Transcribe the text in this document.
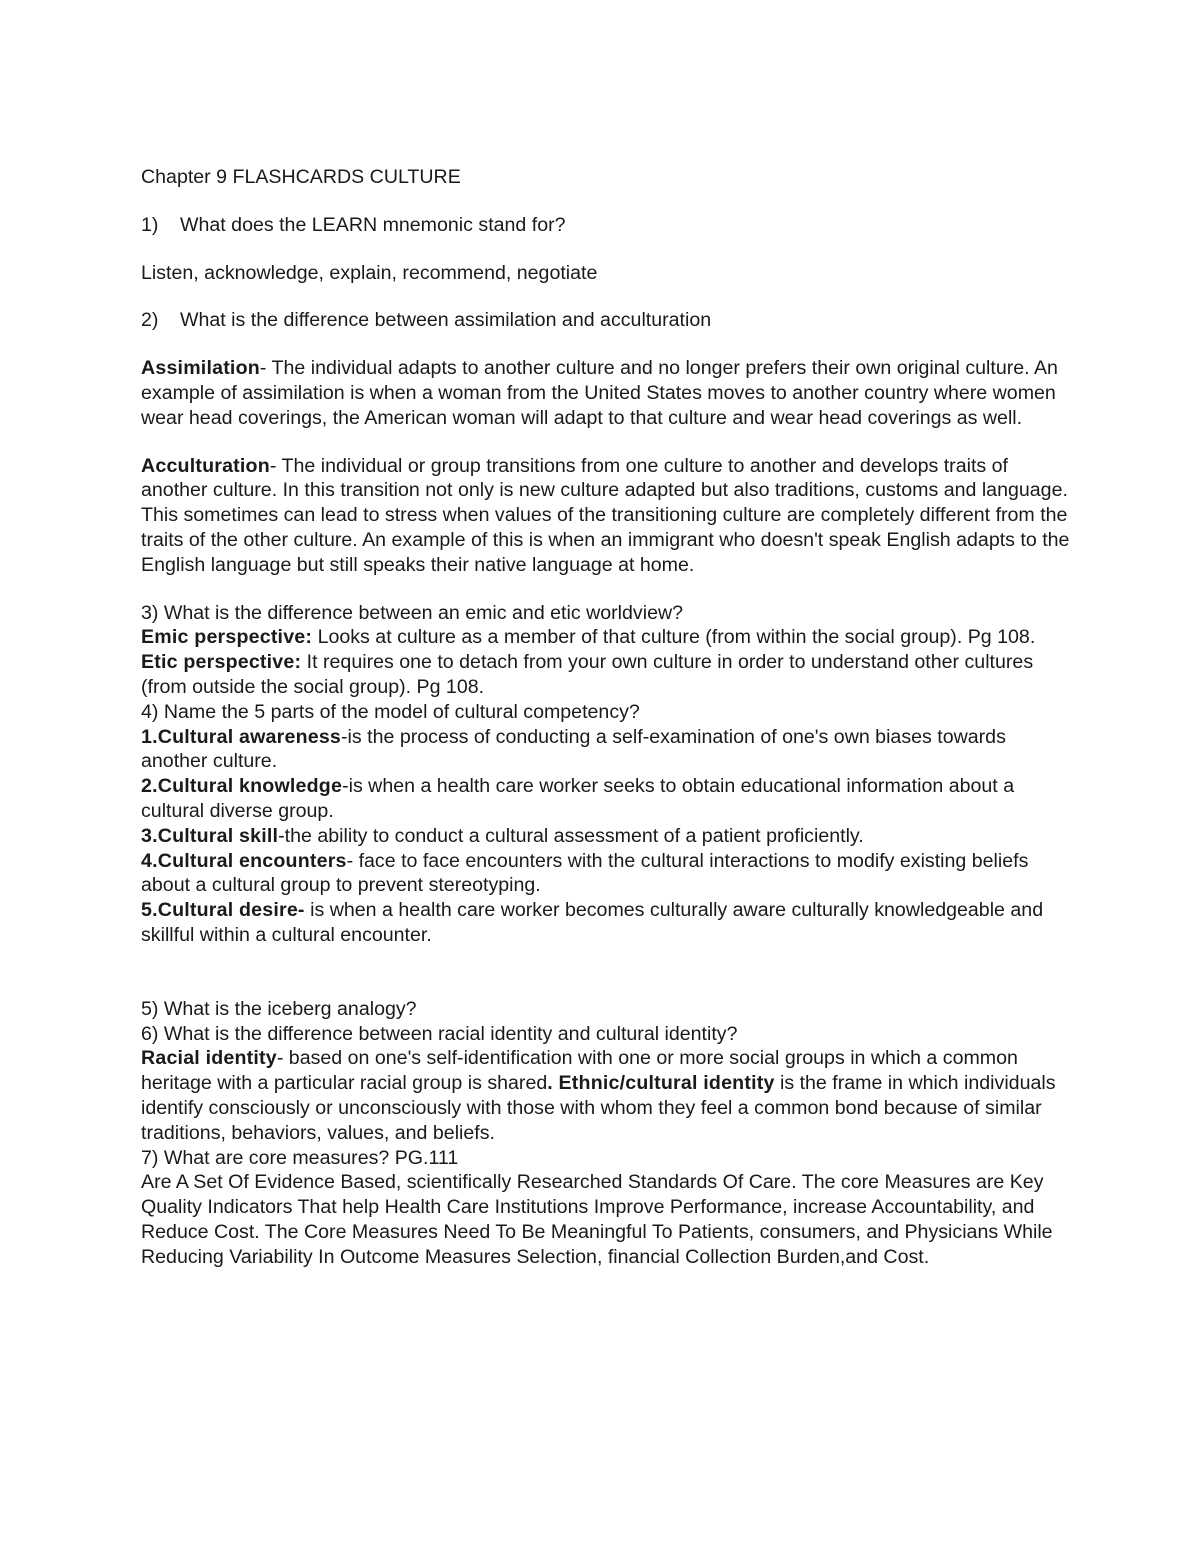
Chapter 9 FLASHCARDS CULTURE

1) What does the LEARN mnemonic stand for?

Listen, acknowledge, explain, recommend, negotiate

2) What is the difference between assimilation and acculturation

Assimilation- The individual adapts to another culture and no longer prefers their own original culture. An example of assimilation is when a woman from the United States moves to another country where women wear head coverings, the American woman will adapt to that culture and wear head coverings as well.

Acculturation- The individual or group transitions from one culture to another and develops traits of another culture. In this transition not only is new culture adapted but also traditions, customs and language. This sometimes can lead to stress when values of the transitioning culture are completely different from the traits of the other culture. An example of this is when an immigrant who doesn't speak English adapts to the English language but still speaks their native language at home.

3) What is the difference between an emic and etic worldview?

Emic perspective: Looks at culture as a member of that culture (from within the social group). Pg 108.

Etic perspective: It requires one to detach from your own culture in order to understand other cultures (from outside the social group). Pg 108.

4) Name the 5 parts of the model of cultural competency?

1.Cultural awareness-is the process of conducting a self-examination of one's own biases towards another culture.

2.Cultural knowledge-is when a health care worker seeks to obtain educational information about a cultural diverse group.

3.Cultural skill-the ability to conduct a cultural assessment of a patient proficiently.

4.Cultural encounters- face to face encounters with the cultural interactions to modify existing beliefs about a cultural group to prevent stereotyping.

5.Cultural desire- is when a health care worker becomes culturally aware culturally knowledgeable and skillful within a cultural encounter.

5) What is the iceberg analogy?

6) What is the difference between racial identity and cultural identity?

Racial identity- based on one's self-identification with one or more social groups in which a common heritage with a particular racial group is shared. Ethnic/cultural identity is the frame in which individuals identify consciously or unconsciously with those with whom they feel a common bond because of similar traditions, behaviors, values, and beliefs.

7) What are core measures? PG.111

Are A Set Of Evidence Based, scientifically Researched Standards Of Care. The core Measures are Key Quality Indicators That help Health Care Institutions Improve Performance, increase Accountability, and Reduce Cost. The Core Measures Need To Be Meaningful To Patients, consumers, and Physicians While Reducing Variability In Outcome Measures Selection, financial Collection Burden,and Cost.
